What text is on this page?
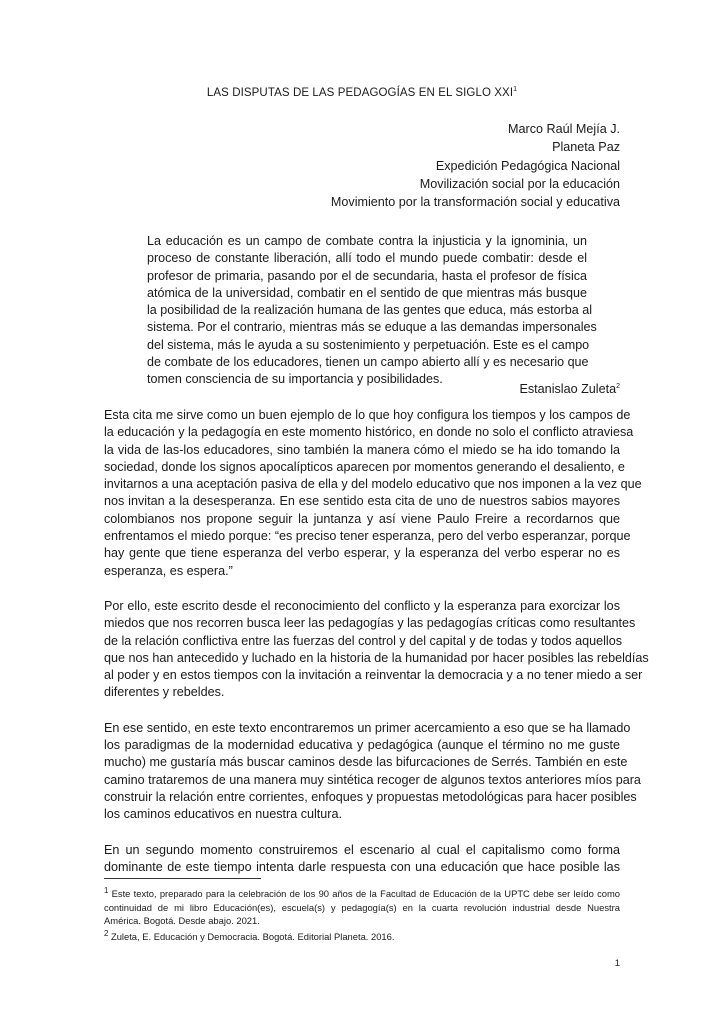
LAS DISPUTAS DE LAS PEDAGOGÍAS EN EL SIGLO XXI$^1$
Marco Raúl Mejía J.
Planeta Paz
Expedición Pedagógica Nacional
Movilización social por la educación
Movimiento por la transformación social y educativa
La educación es un campo de combate contra la injusticia y la ignominia, un
proceso de constante liberación, allí todo el mundo puede combatir: desde el
profesor de primaria, pasando por el de secundaria, hasta el profesor de física
atómica de la universidad, combatir en el sentido de que mientras más busque
la posibilidad de la realización humana de las gentes que educa, más estorba al
sistema. Por el contrario, mientras más se eduque a las demandas impersonales
del sistema, más le ayuda a su sostenimiento y perpetuación. Este es el campo
de combate de los educadores, tienen un campo abierto allí y es necesario que
tomen consciencia de su importancia y posibilidades.
Estanislao Zuleta$^2$
Esta cita me sirve como un buen ejemplo de lo que hoy configura los tiempos y los campos de
la educación y la pedagogía en este momento histórico, en donde no solo el conflicto atraviesa
la vida de las-los educadores, sino también la manera cómo el miedo se ha ido tomando la
sociedad, donde los signos apocalípticos aparecen por momentos generando el desaliento, e
invitarnos a una aceptación pasiva de ella y del modelo educativo que nos imponen a la vez que
nos invitan a la desesperanza. En ese sentido esta cita de uno de nuestros sabios mayores
colombianos nos propone seguir la juntanza y así viene Paulo Freire a recordarnos que
enfrentamos el miedo porque: “es preciso tener esperanza, pero del verbo esperanzar, porque
hay gente que tiene esperanza del verbo esperar, y la esperanza del verbo esperar no es
esperanza, es espera.”
Por ello, este escrito desde el reconocimiento del conflicto y la esperanza para exorcizar los
miedos que nos recorren busca leer las pedagogías y las pedagogías críticas como resultantes
de la relación conflictiva entre las fuerzas del control y del capital y de todas y todos aquellos
que nos han antecedido y luchado en la historia de la humanidad por hacer posibles las rebeldías
al poder y en estos tiempos con la invitación a reinventar la democracia y a no tener miedo a ser
diferentes y rebeldes.
En ese sentido, en este texto encontraremos un primer acercamiento a eso que se ha llamado
los paradigmas de la modernidad educativa y pedagógica (aunque el término no me guste
mucho) me gustaría más buscar caminos desde las bifurcaciones de Serrés. También en este
camino trataremos de una manera muy sintética recoger de algunos textos anteriores míos para
construir la relación entre corrientes, enfoques y propuestas metodológicas para hacer posibles
los caminos educativos en nuestra cultura.
En un segundo momento construiremos el escenario al cual el capitalismo como forma
dominante de este tiempo intenta darle respuesta con una educación que hace posible las
$^1$ Este texto, preparado para la celebración de los 90 años de la Facultad de Educación de la UPTC debe ser leído como
continuidad de mi libro Educación(es), escuela(s) y pedagogía(s) en la cuarta revolución industrial desde Nuestra
América. Bogotá. Desde abajo. 2021.
$^2$ Zuleta, E. Educación y Democracia. Bogotá. Editorial Planeta. 2016.
1
